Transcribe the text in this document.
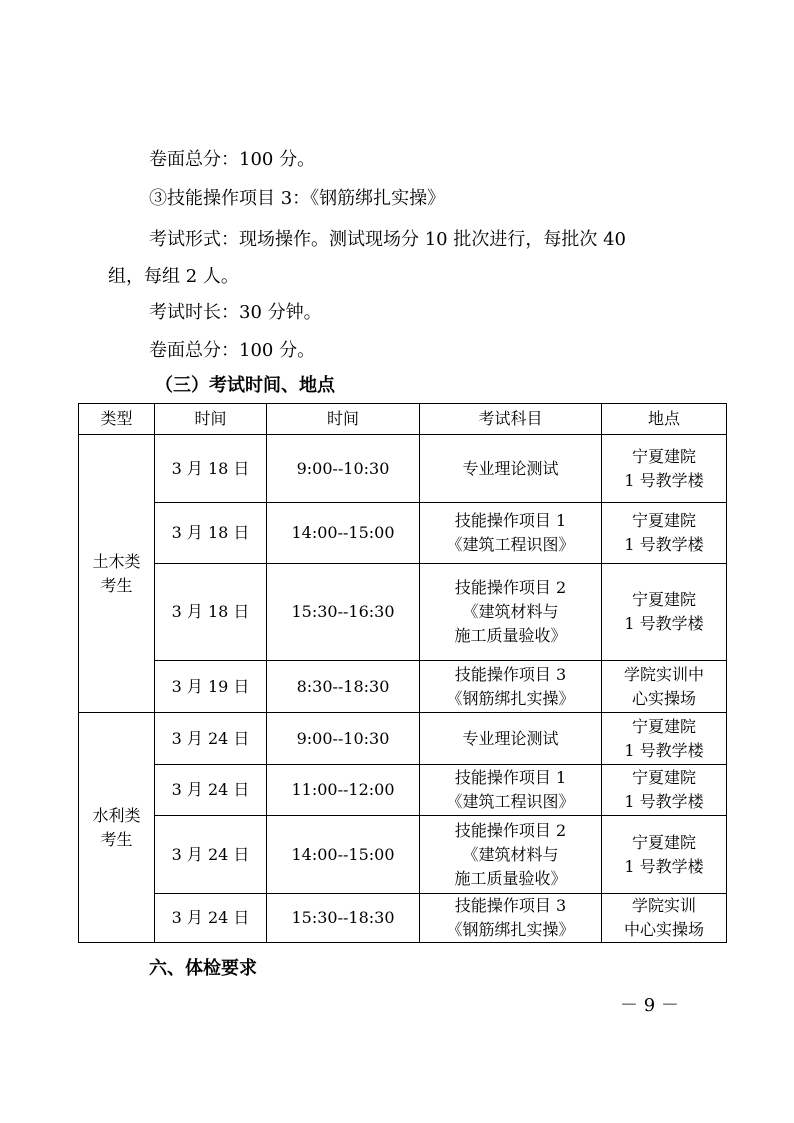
卷面总分：100 分。
③技能操作项目 3：《钢筋绑扎实操》
考试形式：现场操作。测试现场分 10 批次进行，每批次 40
组，每组 2 人。
考试时长：30 分钟。
卷面总分：100 分。
（三）考试时间、地点
类型	时间	时间	考试科目	地点

土木类
考生	3 月 18 日	9:00--10:30	专业理论测试	宁夏建院
1 号教学楼

	3 月 18 日	14:00--15:00	技能操作项目 1
《建筑工程识图》	宁夏建院
1 号教学楼

	3 月 18 日	15:30--16:30	技能操作项目 2
《建筑材料与
施工质量验收》	宁夏建院
1 号教学楼

	3 月 19 日	8:30--18:30	技能操作项目 3
《钢筋绑扎实操》	学院实训中
心实操场

水利类
考生	3 月 24 日	9:00--10:30	专业理论测试	宁夏建院
1 号教学楼

	3 月 24 日	11:00--12:00	技能操作项目 1
《建筑工程识图》	宁夏建院
1 号教学楼

	3 月 24 日	14:00--15:00	技能操作项目 2
《建筑材料与
施工质量验收》	宁夏建院
1 号教学楼

	3 月 24 日	15:30--18:30	技能操作项目 3
《钢筋绑扎实操》	学院实训
中心实操场
六、体检要求
－ 9 －
